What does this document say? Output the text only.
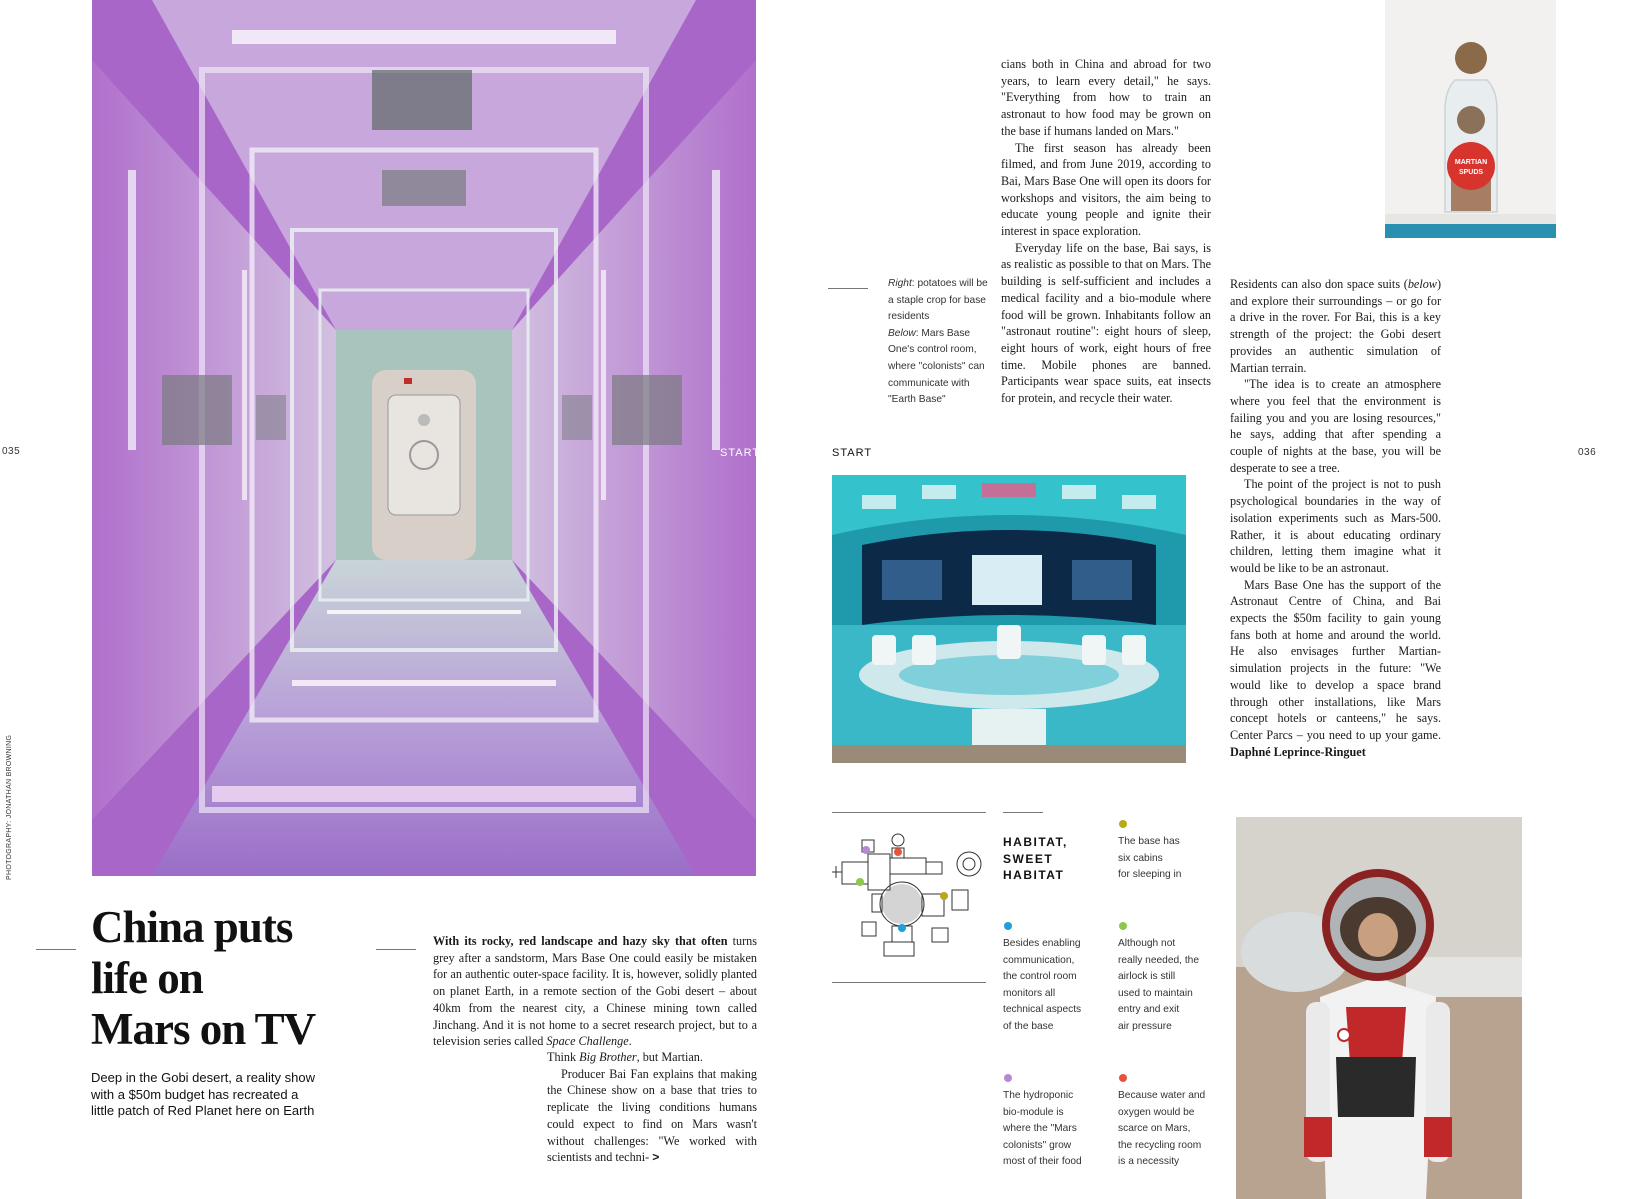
035
PHOTOGRAPHY: JONATHAN BROWNING
START
China puts
life on
Mars on TV
Deep in the Gobi desert, a reality show
with a $50m budget has recreated a
little patch of Red Planet here on Earth

With its rocky, red landscape and hazy sky that often turns grey after a sandstorm, Mars Base One could easily be mistaken for an authentic outer-space facility. It is, however, solidly planted on planet Earth, in a remote section of the Gobi desert – about 40km from the nearest city, a Chinese mining town called Jinchang. And it is not home to a secret research project, but to a television series called Space Challenge.

Think Big Brother, but Martian.

Producer Bai Fan explains that making the Chinese show on a base that tries to replicate the living conditions humans could expect to find on Mars wasn't without challenges: "We worked with scientists and techni- >

Right: potatoes will be a staple crop for base residents
Below: Mars Base One's control room, where "colonists" can communicate with "Earth Base"

cians both in China and abroad for two years, to learn every detail," he says. "Everything from how to train an astronaut to how food may be grown on the base if humans landed on Mars."

The first season has already been filmed, and from June 2019, according to Bai, Mars Base One will open its doors for workshops and visitors, the aim being to educate young people and ignite their interest in space exploration.

Everyday life on the base, Bai says, is as realistic as possible to that on Mars. The building is self-sufficient and includes a medical facility and a bio-module where food will be grown. Inhabitants follow an "astronaut routine": eight hours of sleep, eight hours of work, eight hours of free time. Mobile phones are banned. Participants wear space suits, eat insects for protein, and recycle their water.

MARTIAN
SPUDS

Residents can also don space suits (below) and explore their surroundings – or go for a drive in the rover. For Bai, this is a key strength of the project: the Gobi desert provides an authentic simulation of Martian terrain.

"The idea is to create an atmosphere where you feel that the environment is failing you and you are losing resources," he says, adding that after spending a couple of nights at the base, you will be desperate to see a tree.

The point of the project is not to push psychological boundaries in the way of isolation experiments such as Mars-500. Rather, it is about educating ordinary children, letting them imagine what it would be like to be an astronaut.

Mars Base One has the support of the Astronaut Centre of China, and Bai expects the $50m facility to gain young fans both at home and around the world. He also envisages further Martian-simulation projects in the future: "We would like to develop a space brand through other installations, like Mars concept hotels or canteens," he says. Center Parcs – you need to up your game. Daphné Leprince-Ringuet

036
START
HABITAT,
SWEET
HABITAT
The base has
six cabins
for sleeping in
Besides enabling
communication,
the control room
monitors all
technical aspects
of the base
Although not
really needed, the
airlock is still
used to maintain
entry and exit
air pressure
The hydroponic
bio-module is
where the "Mars
colonists" grow
most of their food
Because water and
oxygen would be
scarce on Mars,
the recycling room
is a necessity
